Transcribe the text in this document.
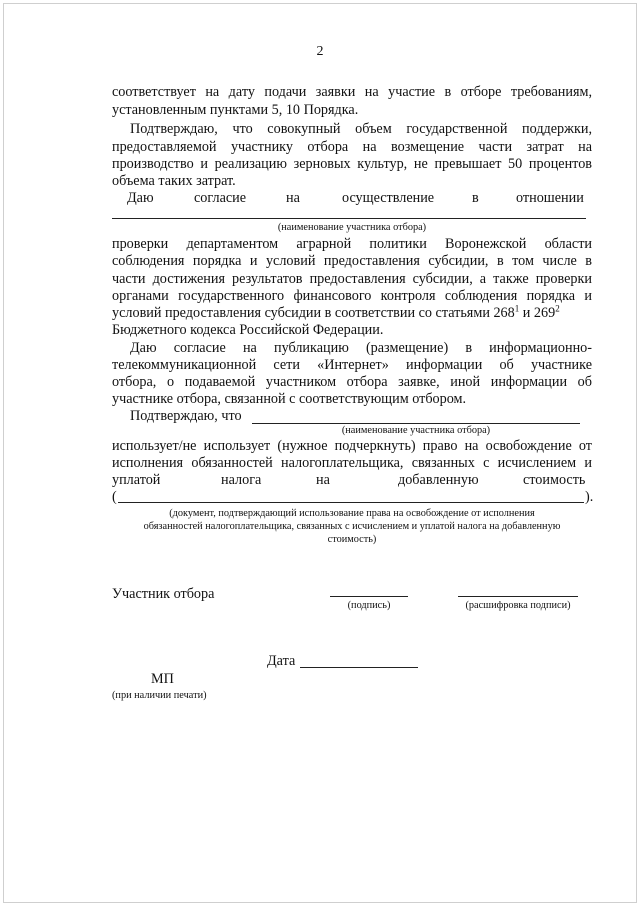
2
соответствует на дату подачи заявки на участие в отборе требованиям,
установленным пунктами 5, 10 Порядка.
Подтверждаю, что совокупный объем государственной поддержки,
предоставляемой участнику отбора на возмещение части затрат на
производство и реализацию зерновых культур, не превышает 50 процентов
объема таких затрат.
Даю	согласие	на	осуществление	в	отношении
(наименование участника отбора)
проверки департаментом аграрной политики Воронежской области
соблюдения порядка и условий предоставления субсидии, в том числе в
части достижения результатов предоставления субсидии, а также проверки
органами государственного финансового контроля соблюдения порядка и
условий предоставления субсидии в соответствии со статьями $268^1$ и $269^2$
Бюджетного кодекса Российской Федерации.
Даю согласие на публикацию (размещение) в информационно-
телекоммуникационной сети «Интернет» информации об участнике
отбора, о подаваемой участником отбора заявке, иной информации об
участнике отбора, связанной с соответствующим отбором.
Подтверждаю, что
(наименование участника отбора)
использует/не использует (нужное подчеркнуть) право на освобождение от
исполнения обязанностей налогоплательщика, связанных с исчислением и
уплатой	налога	на	добавленную	стоимость
(	).
(документ, подтверждающий использование права на освобождение от исполнения
обязанностей налогоплательщика, связанных с исчислением и уплатой налога на добавленную
стоимость)
Участник отбора
(подпись)	(расшифровка подписи)
Дата
МП
(при наличии печати)
